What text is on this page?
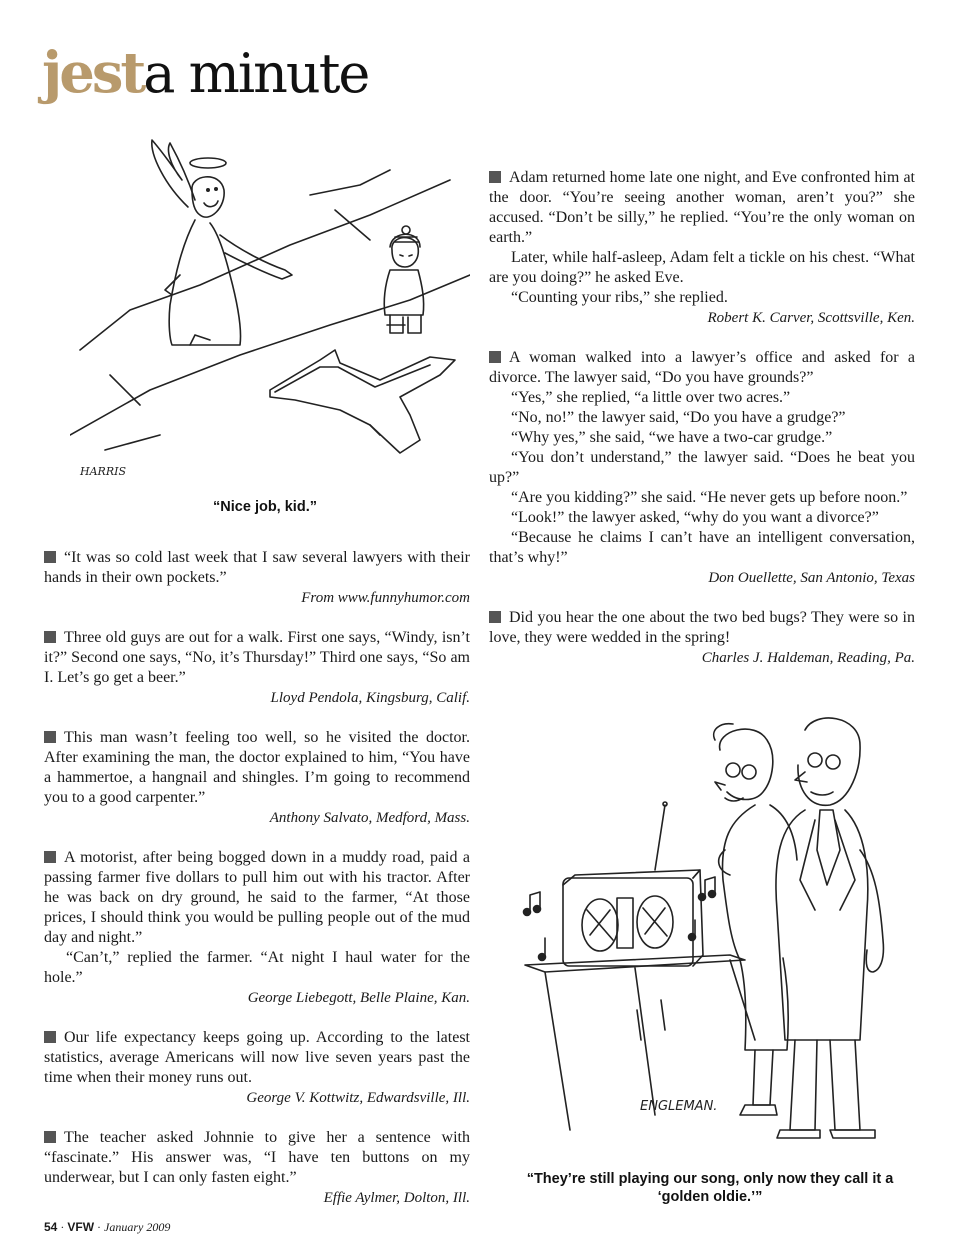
jesta minute
HARRIS
“Nice job, kid.”

“It was so cold last week that I saw several lawyers with their hands in their own pockets.”

From www.funnyhumor.com

Three old guys are out for a walk. First one says, “Windy, isn’t it?” Second one says, “No, it’s Thursday!” Third one says, “So am I. Let’s go get a beer.”

Lloyd Pendola, Kingsburg, Calif.

This man wasn’t feeling too well, so he visited the doctor. After examining the man, the doctor explained to him, “You have a hammertoe, a hangnail and shingles. I’m going to recommend you to a good carpenter.”

Anthony Salvato, Medford, Mass.

A motorist, after being bogged down in a muddy road, paid a passing farmer five dollars to pull him out with his tractor. After he was back on dry ground, he said to the farmer, “At those prices, I should think you would be pulling people out of the mud day and night.”

“Can’t,” replied the farmer. “At night I haul water for the hole.”

George Liebegott, Belle Plaine, Kan.

Our life expectancy keeps going up. According to the latest statistics, average Americans will now live seven years past the time when their money runs out.

George V. Kottwitz, Edwardsville, Ill.

The teacher asked Johnnie to give her a sentence with “fascinate.” His answer was, “I have ten buttons on my underwear, but I can only fasten eight.”

Effie Aylmer, Dolton, Ill.

Adam returned home late one night, and Eve confronted him at the door. “You’re seeing another woman, aren’t you?” she accused. “Don’t be silly,” he replied. “You’re the only woman on earth.”

Later, while half-asleep, Adam felt a tickle on his chest. “What are you doing?” he asked Eve.

“Counting your ribs,” she replied.

Robert K. Carver, Scottsville, Ken.

A woman walked into a lawyer’s office and asked for a divorce. The lawyer said, “Do you have grounds?”

“Yes,” she replied, “a little over two acres.”

“No, no!” the lawyer said, “Do you have a grudge?”

“Why yes,” she said, “we have a two-car grudge.”

“You don’t understand,” the lawyer said. “Does he beat you up?”

“Are you kidding?” she said. “He never gets up before noon.”

“Look!” the lawyer asked, “why do you want a divorce?”

“Because he claims I can’t have an intelligent conversation, that’s why!”

Don Ouellette, San Antonio, Texas

Did you hear the one about the two bed bugs? They were so in love, they were wedded in the spring!

Charles J. Haldeman, Reading, Pa.

ENGLEMAN.
“They’re still playing our song, only now they call it a
‘golden oldie.’”
54 · VFW · January 2009
